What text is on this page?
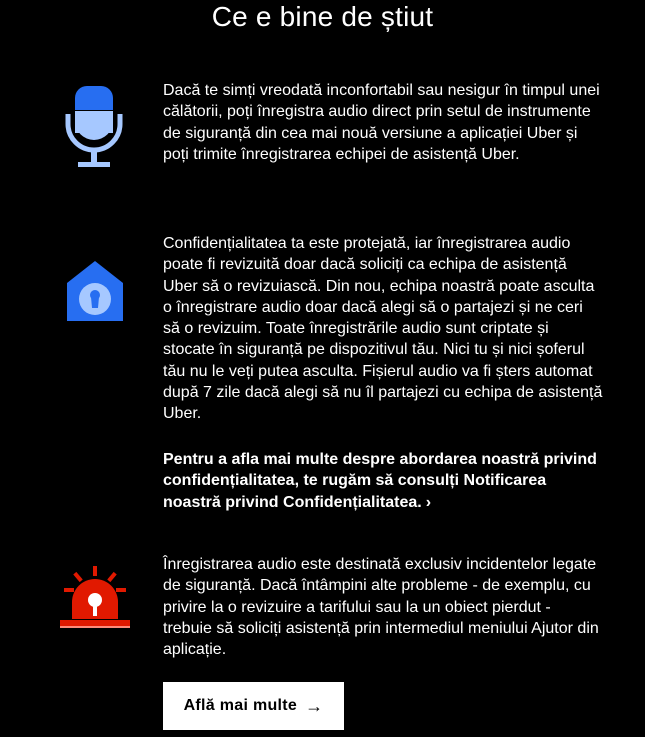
Ce e bine de știut
Dacă te simți vreodată inconfortabil sau nesigur în timpul unei călătorii, poți înregistra audio direct prin setul de instrumente de siguranță din cea mai nouă versiune a aplicației Uber și poți trimite înregistrarea echipei de asistență Uber.
Confidențialitatea ta este protejată, iar înregistrarea audio poate fi revizuită doar dacă soliciți ca echipa de asistență Uber să o revizuiască. Din nou, echipa noastră poate asculta o înregistrare audio doar dacă alegi să o partajezi și ne ceri să o revizuim. Toate înregistrările audio sunt criptate și stocate în siguranță pe dispozitivul tău. Nici tu și nici șoferul tău nu le veți putea asculta. Fișierul audio va fi șters automat după 7 zile dacă alegi să nu îl partajezi cu echipa de asistență Uber.
Pentru a afla mai multe despre abordarea noastră privind confidențialitatea, te rugăm să consulți Notificarea noastră privind Confidențialitatea. ›
Înregistrarea audio este destinată exclusiv incidentelor legate de siguranță. Dacă întâmpini alte probleme - de exemplu, cu privire la o revizuire a tarifului sau la un obiect pierdut - trebuie să soliciți asistență prin intermediul meniului Ajutor din aplicație.
Află mai multe →
